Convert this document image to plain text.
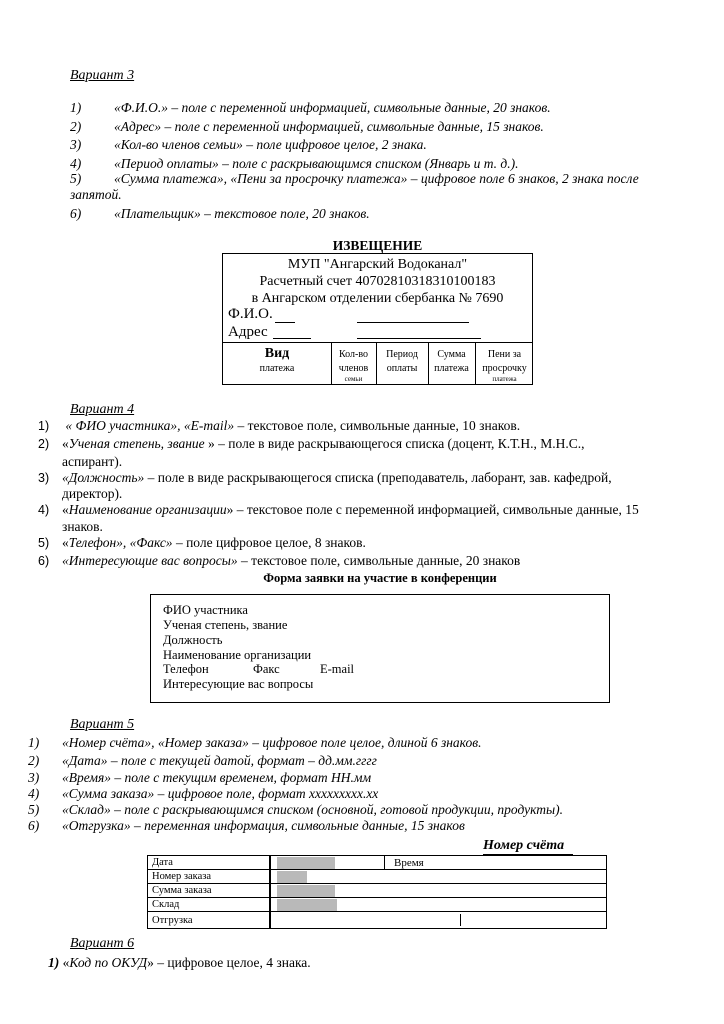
Вариант 3
1) «Ф.И.О.» – поле с переменной информацией, символьные данные, 20 знаков.
2) «Адрес» – поле с переменной информацией, символьные данные, 15 знаков.
3) «Кол-во членов семьи» – поле цифровое целое, 2 знака.
4) «Период оплаты» – поле с раскрывающимся списком (Январь и т. д.).
5) «Сумма платежа», «Пени за просрочку платежа» – цифровое поле 6 знаков, 2 знака после
запятой.
6) «Плательщик» – текстовое поле, 20 знаков.
ИЗВЕЩЕНИЕ
МУП "Ангарский Водоканал"
Расчетный счет 40702810318310100183
в Ангарском отделении сбербанка № 7690
Ф.И.О.
Адрес
Вид
платежа
Кол-во
членов
семьи
Период
оплаты
Сумма
платежа
Пени за
просрочку
платежа
Вариант 4
1) « ФИО участника», «E-mail» – текстовое поле, символьные данные, 10 знаков.
2) «Ученая степень, звание » – поле в виде раскрывающегося списка (доцент, К.Т.Н., М.Н.С.,
аспирант).
3) «Должность» – поле в виде раскрывающегося списка (преподаватель, лаборант, зав. кафедрой,
директор).
4) «Наименование организации» – текстовое поле с переменной информацией, символьные данные, 15
знаков.
5) «Телефон», «Факс» – поле цифровое целое, 8 знаков.
6) «Интересующие вас вопросы» – текстовое поле, символьные данные, 20 знаков
Форма заявки на участие в конференции
ФИО участника
Ученая степень, звание
Должность
Наименование организации
Телефон	Факс	E-mail
Интересующие вас вопросы
Вариант 5
1) «Номер счёта», «Номер заказа» – цифровое поле целое, длиной 6 знаков.
2) «Дата» – поле с текущей датой, формат – дд.мм.гггг
3) «Время» – поле с текущим временем, формат НН.мм
4) «Сумма заказа» – цифровое поле, формат xxxxxxxxx.xx
5) «Склад» – поле с раскрывающимся списком (основной, готовой продукции, продукты).
6) «Отгрузка» – переменная информация, символьные данные, 15 знаков
Номер счёта
Дата
Номер заказа
Сумма заказа
Склад
Отгрузка
Время
Вариант 6
1) «Код по ОКУД» – цифровое целое, 4 знака.
